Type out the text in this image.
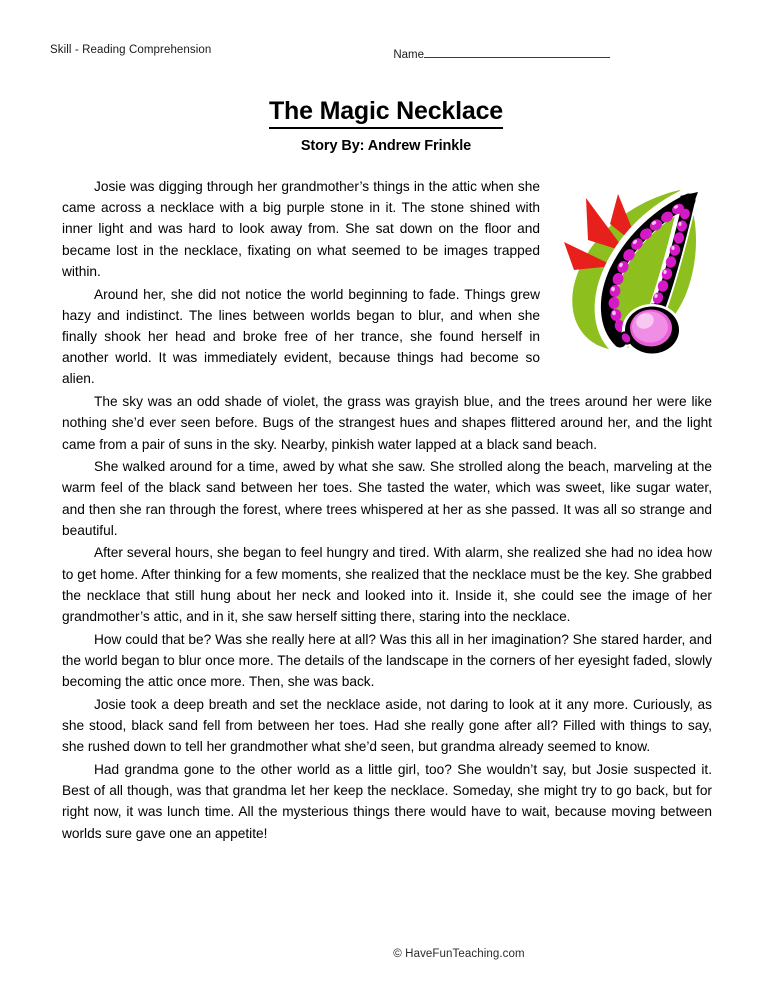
Skill - Reading Comprehension	Name
The Magic Necklace
Story By: Andrew Frinkle

Josie was digging through her grandmother’s things in the attic when she came across a necklace with a big purple stone in it. The stone shined with inner light and was hard to look away from. She sat down on the floor and became lost in the necklace, fixating on what seemed to be images trapped within.

Around her, she did not notice the world beginning to fade. Things grew hazy and indistinct. The lines between worlds began to blur, and when she finally shook her head and broke free of her trance, she found herself in another world. It was immediately evident, because things had become so alien.

The sky was an odd shade of violet, the grass was grayish blue, and the trees around her were like nothing she’d ever seen before. Bugs of the strangest hues and shapes flittered around her, and the light came from a pair of suns in the sky. Nearby, pinkish water lapped at a black sand beach.

She walked around for a time, awed by what she saw. She strolled along the beach, marveling at the warm feel of the black sand between her toes. She tasted the water, which was sweet, like sugar water, and then she ran through the forest, where trees whispered at her as she passed. It was all so strange and beautiful.

After several hours, she began to feel hungry and tired. With alarm, she realized she had no idea how to get home. After thinking for a few moments, she realized that the necklace must be the key. She grabbed the necklace that still hung about her neck and looked into it. Inside it, she could see the image of her grandmother’s attic, and in it, she saw herself sitting there, staring into the necklace.

How could that be? Was she really here at all? Was this all in her imagination? She stared harder, and the world began to blur once more. The details of the landscape in the corners of her eyesight faded, slowly becoming the attic once more. Then, she was back.

Josie took a deep breath and set the necklace aside, not daring to look at it any more. Curiously, as she stood, black sand fell from between her toes. Had she really gone after all? Filled with things to say, she rushed down to tell her grandmother what she’d seen, but grandma already seemed to know.

Had grandma gone to the other world as a little girl, too? She wouldn’t say, but Josie suspected it. Best of all though, was that grandma let her keep the necklace. Someday, she might try to go back, but for right now, it was lunch time. All the mysterious things there would have to wait, because moving between worlds sure gave one an appetite!

© HaveFunTeaching.com
